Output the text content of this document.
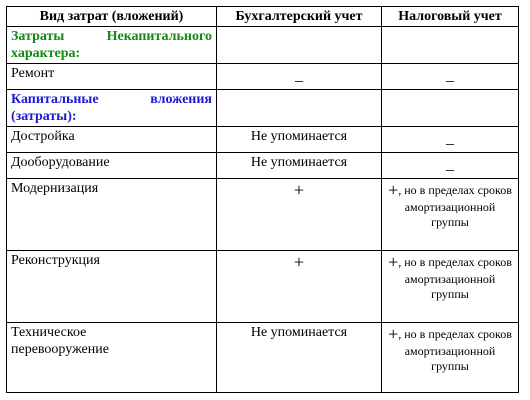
Вид затрат (вложений)	Бухгалтерский учет	Налоговый учет

Затраты Некапитального
характера:		

Ремонт	_	_

Капитальные вложения
(затраты):		

Достройка	Не упоминается	_
Дооборудование	Не упоминается	_
Модернизация	+	+, но в пределах сроков амортизационной группы
Реконструкция	+	+, но в пределах сроков амортизационной группы

Техническое
перевооружение	Не упоминается	+, но в пределах сроков амортизационной группы
